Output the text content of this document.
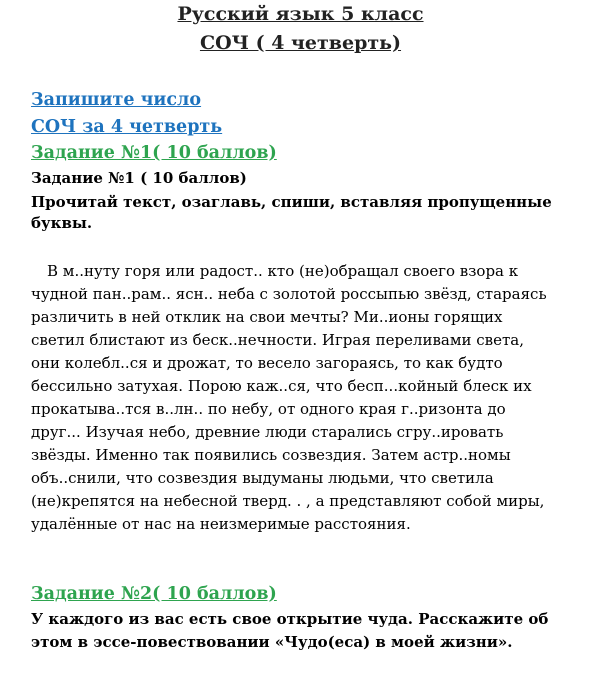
Русский язык 5 класс
СОЧ ( 4 четверть)
Запишите число
СОЧ за 4 четверть
Задание №1( 10 баллов)
Задание №1 ( 10 баллов)
Прочитай текст, озаглавь, спиши, вставляя пропущенные
буквы.
В м..нуту горя или радост.. кто (не)обращал своего взора к
чудной пан..рам.. ясн.. неба с золотой россыпью звёзд, стараясь
различить в ней отклик на свои мечты? Ми..ионы горящих
светил блистают из беск..нечности. Играя переливами света,
они колебл..ся и дрожат, то весело загораясь, то как будто
бессильно затухая. Порою каж..ся, что бесп...койный блеск их
прокатыва..тся в..лн.. по небу, от одного края г..ризонта до
друг... Изучая небо, древние люди старались сгру..ировать
звёзды. Именно так появились созвездия. Затем астр..номы
объ..снили, что созвездия выдуманы людьми, что светила
(не)крепятся на небесной тверд. . , а представляют собой миры,
удалённые от нас на неизмеримые расстояния.
Задание №2( 10 баллов)
У каждого из вас есть свое открытие чуда. Расскажите об
этом в эссе-повествовании «Чудо(еса) в моей жизни».
